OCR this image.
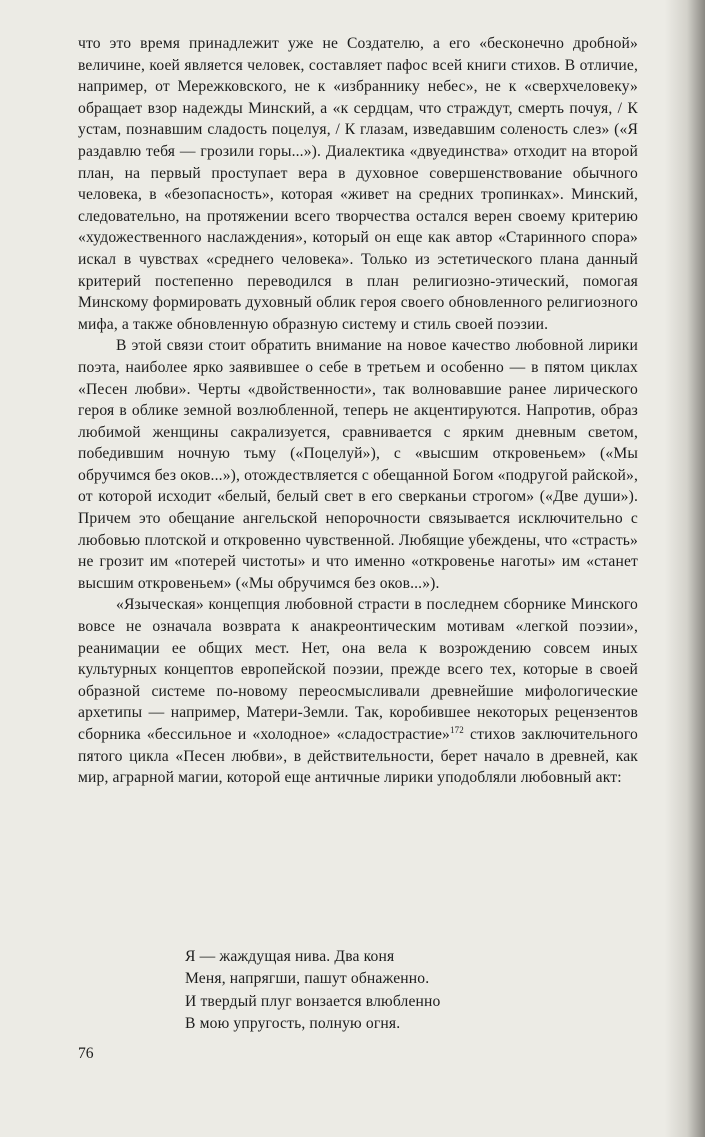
что это время принадлежит уже не Создателю, а его «бесконечно дробной» величине, коей является человек, составляет пафос всей книги стихов. В отличие, например, от Мережковского, не к «избраннику небес», не к «сверхчеловеку» обращает взор надежды Минский, а «к сердцам, что страждут, смерть почуя, / К устам, познавшим сладость поцелуя, / К глазам, изведавшим соленость слез» («Я раздавлю тебя — грозили горы...»). Диалектика «двуединства» отходит на второй план, на первый проступает вера в духовное совершенствование обычного человека, в «безопасность», которая «живет на средних тропинках». Минский, следовательно, на протяжении всего творчества остался верен своему критерию «художественного наслаждения», который он еще как автор «Старинного спора» искал в чувствах «среднего человека». Только из эстетического плана данный критерий постепенно переводился в план религиозно-этический, помогая Минскому формировать духовный облик героя своего обновленного религиозного мифа, а также обновленную образную систему и стиль своей поэзии.

В этой связи стоит обратить внимание на новое качество любовной лирики поэта, наиболее ярко заявившее о себе в третьем и особенно — в пятом циклах «Песен любви». Черты «двойственности», так волновавшие ранее лирического героя в облике земной возлюбленной, теперь не акцентируются. Напротив, образ любимой женщины сакрализуется, сравнивается с ярким дневным светом, победившим ночную тьму («Поцелуй»), с «высшим откровеньем» («Мы обручимся без оков...»), отождествляется с обещанной Богом «подругой райской», от которой исходит «белый, белый свет в его сверканьи строгом» («Две души»). Причем это обещание ангельской непорочности связывается исключительно с любовью плотской и откровенно чувственной. Любящие убеждены, что «страсть» не грозит им «потерей чистоты» и что именно «откровенье наготы» им «станет высшим откровеньем» («Мы обручимся без оков...»).

«Языческая» концепция любовной страсти в последнем сборнике Минского вовсе не означала возврата к анакреонтическим мотивам «легкой поэзии», реанимации ее общих мест. Нет, она вела к возрождению совсем иных культурных концептов европейской поэзии, прежде всего тех, которые в своей образной системе по-новому переосмысливали древнейшие мифологические архетипы — например, Матери-Земли. Так, коробившее некоторых рецензентов сборника «бессильное и «холодное» «сладострастие»$^{172}$ стихов заключительного пятого цикла «Песен любви», в действительности, берет начало в древней, как мир, аграрной магии, которой еще античные лирики уподобляли любовный акт:

Я — жаждущая нива. Два коня
Меня, напрягши, пашут обнаженно.
И твердый плуг вонзается влюбленно
В мою упругость, полную огня.
76
